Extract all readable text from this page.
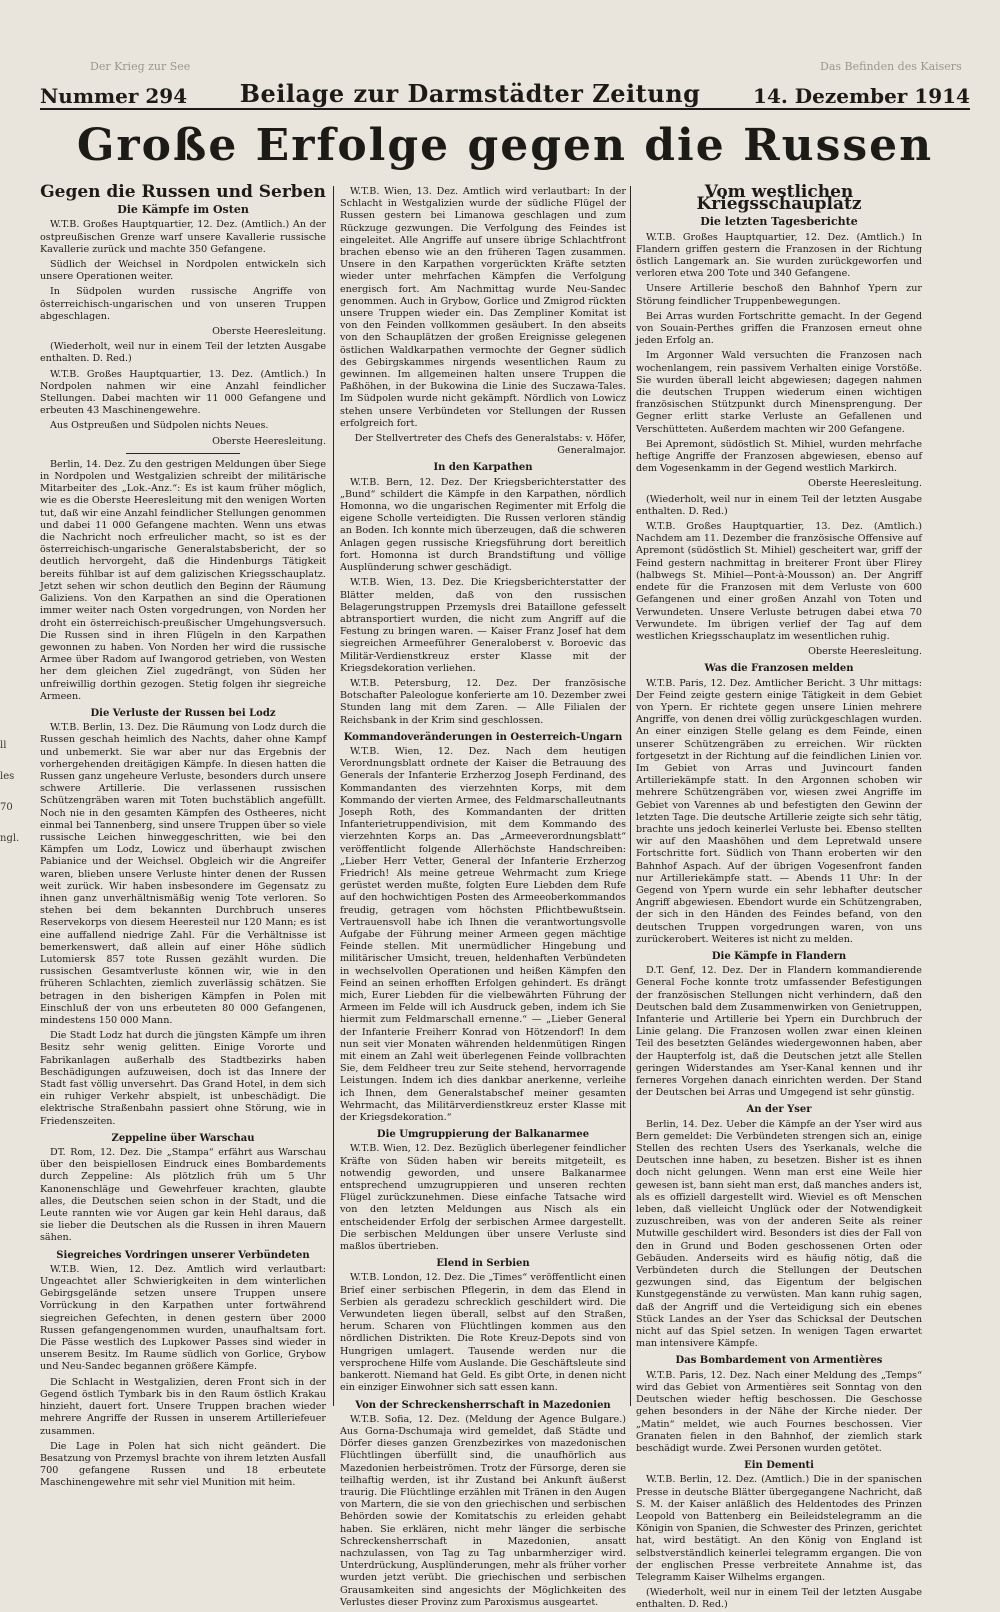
Der Krieg zur See	Das Befinden des Kaisers
ll
les
70
ngl.
Nummer 294 Beilage zur Darmstädter Zeitung	14. Dezember 1914
Große Erfolge gegen die Russen
Gegen die Russen und Serben
Die Kämpfe im Osten

W.T.B. Großes Hauptquartier, 12. Dez. (Amtlich.) An der ostpreußischen Grenze warf unsere Kavallerie russische Kavallerie zurück und machte 350 Gefangene.

Südlich der Weichsel in Nordpolen entwickeln sich unsere Operationen weiter.

In Südpolen wurden russische Angriffe von österreichisch-ungarischen und von unseren Truppen abgeschlagen.

Oberste Heeresleitung.

(Wiederholt, weil nur in einem Teil der letzten Ausgabe enthalten. D. Red.)

W.T.B. Großes Hauptquartier, 13. Dez. (Amtlich.) In Nordpolen nahmen wir eine Anzahl feindlicher Stellungen. Dabei machten wir 11 000 Gefangene und erbeuten 43 Maschinengewehre.

Aus Ostpreußen und Südpolen nichts Neues.

Oberste Heeresleitung.

Berlin, 14. Dez. Zu den gestrigen Meldungen über Siege in Nordpolen und Westgalizien schreibt der militärische Mitarbeiter des „Lok.-Anz.“: Es ist kaum früher möglich, wie es die Oberste Heeresleitung mit den wenigen Worten tut, daß wir eine Anzahl feindlicher Stellungen genommen und dabei 11 000 Gefangene machten. Wenn uns etwas die Nachricht noch erfreulicher macht, so ist es der österreichisch-ungarische Generalstabsbericht, der so deutlich hervorgeht, daß die Hindenburgs Tätigkeit bereits fühlbar ist auf dem galizischen Kriegsschauplatz. Jetzt sehen wir schon deutlich den Beginn der Räumung Galiziens. Von den Karpathen an sind die Operationen immer weiter nach Osten vorgedrungen, von Norden her droht ein österreichisch-preußischer Umgehungsversuch. Die Russen sind in ihren Flügeln in den Karpathen gewonnen zu haben. Von Norden her wird die russische Armee über Radom auf Iwangorod getrieben, von Westen her dem gleichen Ziel zugedrängt, von Süden her unfreiwillig dorthin gezogen. Stetig folgen ihr siegreiche Armeen.

Die Verluste der Russen bei Lodz

W.T.B. Berlin, 13. Dez. Die Räumung von Lodz durch die Russen geschah heimlich des Nachts, daher ohne Kampf und unbemerkt. Sie war aber nur das Ergebnis der vorhergehenden dreitägigen Kämpfe. In diesen hatten die Russen ganz ungeheure Verluste, besonders durch unsere schwere Artillerie. Die verlassenen russischen Schützengräben waren mit Toten buchstäblich angefüllt. Noch nie in den gesamten Kämpfen des Ostheeres, nicht einmal bei Tannenberg, sind unsere Truppen über so viele russische Leichen hinweggeschritten, wie bei den Kämpfen um Lodz, Lowicz und überhaupt zwischen Pabianice und der Weichsel. Obgleich wir die Angreifer waren, blieben unsere Verluste hinter denen der Russen weit zurück. Wir haben insbesondere im Gegensatz zu ihnen ganz unverhältnismäßig wenig Tote verloren. So stehen bei dem bekannten Durchbruch unseres Reservekorps von diesem Heeresteil nur 120 Mann; es ist eine auffallend niedrige Zahl. Für die Verhältnisse ist bemerkenswert, daß allein auf einer Höhe südlich Lutomiersk 857 tote Russen gezählt wurden. Die russischen Gesamtverluste können wir, wie in den früheren Schlachten, ziemlich zuverlässig schätzen. Sie betragen in den bisherigen Kämpfen in Polen mit Einschluß der von uns erbeuteten 80 000 Gefangenen, mindestens 150 000 Mann.

Die Stadt Lodz hat durch die jüngsten Kämpfe um ihren Besitz sehr wenig gelitten. Einige Vororte und Fabrikanlagen außerhalb des Stadtbezirks haben Beschädigungen aufzuweisen, doch ist das Innere der Stadt fast völlig unversehrt. Das Grand Hotel, in dem sich ein ruhiger Verkehr abspielt, ist unbeschädigt. Die elektrische Straßenbahn passiert ohne Störung, wie in Friedenszeiten.

Zeppeline über Warschau

DT. Rom, 12. Dez. Die „Stampa“ erfährt aus Warschau über den beispiellosen Eindruck eines Bombardements durch Zeppeline: Als plötzlich früh um 5 Uhr Kanonenschläge und Gewehrfeuer krachten, glaubte alles, die Deutschen seien schon in der Stadt, und die Leute rannten wie vor Augen gar kein Hehl daraus, daß sie lieber die Deutschen als die Russen in ihren Mauern sähen.

Siegreiches Vordringen unserer Verbündeten

W.T.B. Wien, 12. Dez. Amtlich wird verlautbart: Ungeachtet aller Schwierigkeiten in dem winterlichen Gebirgsgelände setzen unsere Truppen unsere Vorrückung in den Karpathen unter fortwährend siegreichen Gefechten, in denen gestern über 2000 Russen gefangengenommen wurden, unaufhaltsam fort. Die Pässe westlich des Lupkower Passes sind wieder in unserem Besitz. Im Raume südlich von Gorlice, Grybow und Neu-Sandec begannen größere Kämpfe.

Die Schlacht in Westgalizien, deren Front sich in der Gegend östlich Tymbark bis in den Raum östlich Krakau hinzieht, dauert fort. Unsere Truppen brachen wieder mehrere Angriffe der Russen in unserem Artilleriefeuer zusammen.

Die Lage in Polen hat sich nicht geändert. Die Besatzung von Przemysl brachte von ihrem letzten Ausfall 700 gefangene Russen und 18 erbeutete Maschinengewehre mit sehr viel Munition mit heim.

W.T.B. Wien, 13. Dez. Amtlich wird verlautbart: In der Schlacht in Westgalizien wurde der südliche Flügel der Russen gestern bei Limanowa geschlagen und zum Rückzuge gezwungen. Die Verfolgung des Feindes ist eingeleitet. Alle Angriffe auf unsere übrige Schlachtfront brachen ebenso wie an den früheren Tagen zusammen. Unsere in den Karpathen vorgerückten Kräfte setzten wieder unter mehrfachen Kämpfen die Verfolgung energisch fort. Am Nachmittag wurde Neu-Sandec genommen. Auch in Grybow, Gorlice und Zmigrod rückten unsere Truppen wieder ein. Das Zempliner Komitat ist von den Feinden vollkommen gesäubert. In den abseits von den Schauplätzen der großen Ereignisse gelegenen östlichen Waldkarpathen vermochte der Gegner südlich des Gebirgskammes nirgends wesentlichen Raum zu gewinnen. Im allgemeinen halten unsere Truppen die Paßhöhen, in der Bukowina die Linie des Suczawa-Tales. Im Südpolen wurde nicht gekämpft. Nördlich von Lowicz stehen unsere Verbündeten vor Stellungen der Russen erfolgreich fort.

Der Stellvertreter des Chefs des Generalstabs: v. Höfer, Generalmajor.
In den Karpathen

W.T.B. Bern, 12. Dez. Der Kriegsberichterstatter des „Bund“ schildert die Kämpfe in den Karpathen, nördlich Homonna, wo die ungarischen Regimenter mit Erfolg die eigene Scholle verteidigten. Die Russen verloren ständig an Boden. Ich konnte mich überzeugen, daß die schweren Anlagen gegen russische Kriegsführung dort bereitlich fort. Homonna ist durch Brandstiftung und völlige Ausplünderung schwer geschädigt.

W.T.B. Wien, 13. Dez. Die Kriegsberichterstatter der Blätter melden, daß von den russischen Belagerungstruppen Przemysls drei Bataillone gefesselt abtransportiert wurden, die nicht zum Angriff auf die Festung zu bringen waren. — Kaiser Franz Josef hat dem siegreichen Armeeführer Generaloberst v. Boroevic das Militär-Verdienstkreuz erster Klasse mit der Kriegsdekoration verliehen.

W.T.B. Petersburg, 12. Dez. Der französische Botschafter Paleologue konferierte am 10. Dezember zwei Stunden lang mit dem Zaren. — Alle Filialen der Reichsbank in der Krim sind geschlossen.

Kommandoveränderungen in Oesterreich-Ungarn

W.T.B. Wien, 12. Dez. Nach dem heutigen Verordnungsblatt ordnete der Kaiser die Betrauung des Generals der Infanterie Erzherzog Joseph Ferdinand, des Kommandanten des vierzehnten Korps, mit dem Kommando der vierten Armee, des Feldmarschalleutnants Joseph Roth, des Kommandanten der dritten Infanterietruppendivision, mit dem Kommando des vierzehnten Korps an. Das „Armeeverordnungsblatt“ veröffentlicht folgende Allerhöchste Handschreiben: „Lieber Herr Vetter, General der Infanterie Erzherzog Friedrich! Als meine getreue Wehrmacht zum Kriege gerüstet werden mußte, folgten Eure Liebden dem Rufe auf den hochwichtigen Posten des Armeeoberkommandos freudig, getragen vom höchsten Pflichtbewußtsein. Vertrauensvoll habe ich Ihnen die verantwortungsvolle Aufgabe der Führung meiner Armeen gegen mächtige Feinde stellen. Mit unermüdlicher Hingebung und militärischer Umsicht, treuen, heldenhaften Verbündeten in wechselvollen Operationen und heißen Kämpfen den Feind an seinen erhofften Erfolgen gehindert. Es drängt mich, Eurer Liebden für die vielbewährten Führung der Armeen im Felde will ich Ausdruck geben, indem ich Sie hiermit zum Feldmarschall ernenne.“ — „Lieber General der Infanterie Freiherr Konrad von Hötzendorf! In dem nun seit vier Monaten währenden heldenmütigen Ringen mit einem an Zahl weit überlegenen Feinde vollbrachten Sie, dem Feldheer treu zur Seite stehend, hervorragende Leistungen. Indem ich dies dankbar anerkenne, verleihe ich Ihnen, dem Generalstabschef meiner gesamten Wehrmacht, das Militärverdienstkreuz erster Klasse mit der Kriegsdekoration.“

Die Umgruppierung der Balkanarmee

W.T.B. Wien, 12. Dez. Bezüglich überlegener feindlicher Kräfte von Süden haben wir bereits mitgeteilt, es notwendig geworden, und unsere Balkanarmee entsprechend umzugruppieren und unseren rechten Flügel zurückzunehmen. Diese einfache Tatsache wird von den letzten Meldungen aus Nisch als ein entscheidender Erfolg der serbischen Armee dargestellt. Die serbischen Meldungen über unsere Verluste sind maßlos übertrieben.

Elend in Serbien

W.T.B. London, 12. Dez. Die „Times“ veröffentlicht einen Brief einer serbischen Pflegerin, in dem das Elend in Serbien als geradezu schrecklich geschildert wird. Die Verwundeten liegen überall, selbst auf den Straßen, herum. Scharen von Flüchtlingen kommen aus den nördlichen Distrikten. Die Rote Kreuz-Depots sind von Hungrigen umlagert. Tausende werden nur die versprochene Hilfe vom Auslande. Die Geschäftsleute sind bankerott. Niemand hat Geld. Es gibt Orte, in denen nicht ein einziger Einwohner sich satt essen kann.

Von der Schreckensherrschaft in Mazedonien

W.T.B. Sofia, 12. Dez. (Meldung der Agence Bulgare.) Aus Gorna-Dschumaja wird gemeldet, daß Städte und Dörfer dieses ganzen Grenzbezirkes von mazedonischen Flüchtlingen überfüllt sind, die unaufhörlich aus Mazedonien herbeiströmen. Trotz der Fürsorge, deren sie teilhaftig werden, ist ihr Zustand bei Ankunft äußerst traurig. Die Flüchtlinge erzählen mit Tränen in den Augen von Martern, die sie von den griechischen und serbischen Behörden sowie der Komitatschis zu erleiden gehabt haben. Sie erklären, nicht mehr länger die serbische Schreckensherrschaft in Mazedonien, ansatt nachzulassen, von Tag zu Tag unbarmherziger wird. Unterdrückung, Ausplünderungen, mehr als früher vorher wurden jetzt verübt. Die griechischen und serbischen Grausamkeiten sind angesichts der Möglichkeiten des Verlustes dieser Provinz zum Paroxismus ausgeartet.

Vom westlichen Kriegsschauplatz
Die letzten Tagesberichte

W.T.B. Großes Hauptquartier, 12. Dez. (Amtlich.) In Flandern griffen gestern die Franzosen in der Richtung östlich Langemark an. Sie wurden zurückgeworfen und verloren etwa 200 Tote und 340 Gefangene.

Unsere Artillerie beschoß den Bahnhof Ypern zur Störung feindlicher Truppenbewegungen.

Bei Arras wurden Fortschritte gemacht. In der Gegend von Souain-Perthes griffen die Franzosen erneut ohne jeden Erfolg an.

Im Argonner Wald versuchten die Franzosen nach wochenlangem, rein passivem Verhalten einige Vorstöße. Sie wurden überall leicht abgewiesen; dagegen nahmen die deutschen Truppen wiederum einen wichtigen französischen Stützpunkt durch Minensprengung. Der Gegner erlitt starke Verluste an Gefallenen und Verschütteten. Außerdem machten wir 200 Gefangene.

Bei Apremont, südöstlich St. Mihiel, wurden mehrfache heftige Angriffe der Franzosen abgewiesen, ebenso auf dem Vogesenkamm in der Gegend westlich Markirch.

Oberste Heeresleitung.

(Wiederholt, weil nur in einem Teil der letzten Ausgabe enthalten. D. Red.)

W.T.B. Großes Hauptquartier, 13. Dez. (Amtlich.) Nachdem am 11. Dezember die französische Offensive auf Apremont (südöstlich St. Mihiel) gescheitert war, griff der Feind gestern nachmittag in breiterer Front über Flirey (halbwegs St. Mihiel—Pont-à-Mousson) an. Der Angriff endete für die Franzosen mit dem Verluste von 600 Gefangenen und einer großen Anzahl von Toten und Verwundeten. Unsere Verluste betrugen dabei etwa 70 Verwundete. Im übrigen verlief der Tag auf dem westlichen Kriegsschauplatz im wesentlichen ruhig.

Oberste Heeresleitung.
Was die Franzosen melden

W.T.B. Paris, 12. Dez. Amtlicher Bericht. 3 Uhr mittags: Der Feind zeigte gestern einige Tätigkeit in dem Gebiet von Ypern. Er richtete gegen unsere Linien mehrere Angriffe, von denen drei völlig zurückgeschlagen wurden. An einer einzigen Stelle gelang es dem Feinde, einen unserer Schützengräben zu erreichen. Wir rückten fortgesetzt in der Richtung auf die feindlichen Linien vor. Im Gebiet von Arras und Juvincourt fanden Artilleriekämpfe statt. In den Argonnen schoben wir mehrere Schützengräben vor, wiesen zwei Angriffe im Gebiet von Varennes ab und befestigten den Gewinn der letzten Tage. Die deutsche Artillerie zeigte sich sehr tätig, brachte uns jedoch keinerlei Verluste bei. Ebenso stellten wir auf den Maashöhen und dem Lepretwald unsere Fortschritte fort. Südlich von Thann eroberten wir den Bahnhof Aspach. Auf der übrigen Vogesenfront fanden nur Artilleriekämpfe statt. — Abends 11 Uhr: In der Gegend von Ypern wurde ein sehr lebhafter deutscher Angriff abgewiesen. Ebendort wurde ein Schützengraben, der sich in den Händen des Feindes befand, von den deutschen Truppen vorgedrungen waren, von uns zurückerobert. Weiteres ist nicht zu melden.

Die Kämpfe in Flandern

D.T. Genf, 12. Dez. Der in Flandern kommandierende General Foche konnte trotz umfassender Befestigungen der französischen Stellungen nicht verhindern, daß den Deutschen bald dem Zusammenwirken von Genietruppen, Infanterie und Artillerie bei Ypern ein Durchbruch der Linie gelang. Die Franzosen wollen zwar einen kleinen Teil des besetzten Geländes wiedergewonnen haben, aber der Haupterfolg ist, daß die Deutschen jetzt alle Stellen geringen Widerstandes am Yser-Kanal kennen und ihr ferneres Vorgehen danach einrichten werden. Der Stand der Deutschen bei Arras und Umgegend ist sehr günstig.

An der Yser

Berlin, 14. Dez. Ueber die Kämpfe an der Yser wird aus Bern gemeldet: Die Verbündeten strengen sich an, einige Stellen des rechten Users des Yserkanals, welche die Deutschen inne haben, zu besetzen. Bisher ist es ihnen doch nicht gelungen. Wenn man erst eine Weile hier gewesen ist, bann sieht man erst, daß manches anders ist, als es offiziell dargestellt wird. Wieviel es oft Menschen leben, daß vielleicht Unglück oder der Notwendigkeit zuzuschreiben, was von der anderen Seite als reiner Mutwille geschildert wird. Besonders ist dies der Fall von den in Grund und Boden geschossenen Orten oder Gebäuden. Anderseits wird es häufig nötig, daß die Verbündeten durch die Stellungen der Deutschen gezwungen sind, das Eigentum der belgischen Kunstgegenstände zu verwüsten. Man kann ruhig sagen, daß der Angriff und die Verteidigung sich ein ebenes Stück Landes an der Yser das Schicksal der Deutschen nicht auf das Spiel setzen. In wenigen Tagen erwartet man intensivere Kämpfe.

Das Bombardement von Armentières

W.T.B. Paris, 12. Dez. Nach einer Meldung des „Temps“ wird das Gebiet von Armentières seit Sonntag von den Deutschen wieder heftig beschossen. Die Geschosse gehen besonders in der Nähe der Kirche nieder. Der „Matin“ meldet, wie auch Fournes beschossen. Vier Granaten fielen in den Bahnhof, der ziemlich stark beschädigt wurde. Zwei Personen wurden getötet.

Ein Dementi

W.T.B. Berlin, 12. Dez. (Amtlich.) Die in der spanischen Presse in deutsche Blätter übergegangene Nachricht, daß S. M. der Kaiser anläßlich des Heldentodes des Prinzen Leopold von Battenberg ein Beileidstelegramm an die Königin von Spanien, die Schwester des Prinzen, gerichtet hat, wird bestätigt. An den König von England ist selbstverständlich keinerlei telegramm ergangen. Die von der englischen Presse verbreitete Annahme ist, das Telegramm Kaiser Wilhelms ergangen.

(Wiederholt, weil nur in einem Teil der letzten Ausgabe enthalten. D. Red.)
